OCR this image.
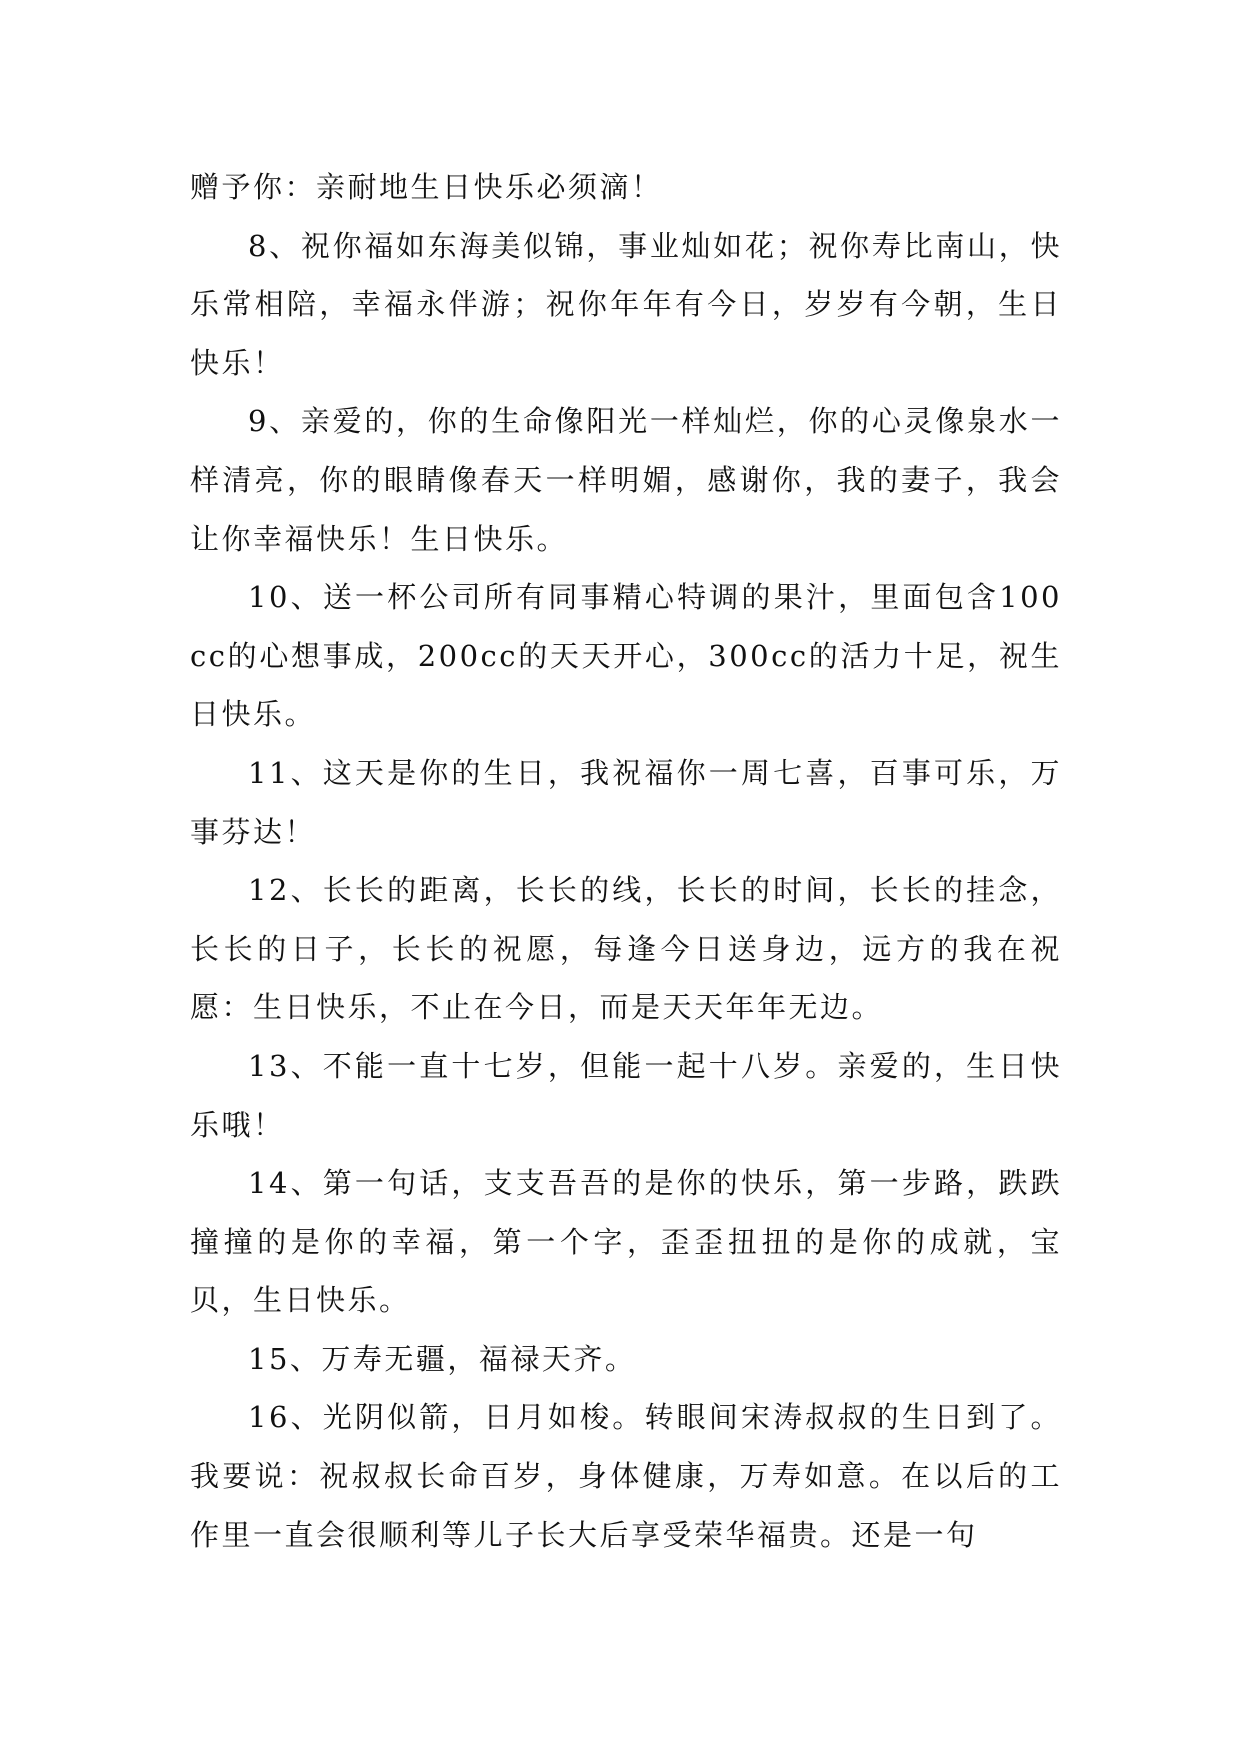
赠予你：亲耐地生日快乐必须滴！

8、祝你福如东海美似锦，事业灿如花；祝你寿比南山，快乐常相陪，幸福永伴游；祝你年年有今日，岁岁有今朝，生日快乐！

9、亲爱的，你的生命像阳光一样灿烂，你的心灵像泉水一样清亮，你的眼睛像春天一样明媚，感谢你，我的妻子，我会让你幸福快乐！生日快乐。

10、送一杯公司所有同事精心特调的果汁，里面包含100cc的心想事成，200cc的天天开心，300cc的活力十足，祝生日快乐。

11、这天是你的生日，我祝福你一周七喜，百事可乐，万事芬达！

12、长长的距离，长长的线，长长的时间，长长的挂念，长长的日子，长长的祝愿，每逢今日送身边，远方的我在祝愿：生日快乐，不止在今日，而是天天年年无边。

13、不能一直十七岁，但能一起十八岁。亲爱的，生日快乐哦！

14、第一句话，支支吾吾的是你的快乐，第一步路，跌跌撞撞的是你的幸福，第一个字，歪歪扭扭的是你的成就，宝贝，生日快乐。

15、万寿无疆，福禄天齐。

16、光阴似箭，日月如梭。转眼间宋涛叔叔的生日到了。我要说：祝叔叔长命百岁，身体健康，万寿如意。在以后的工作里一直会很顺利等儿子长大后享受荣华福贵。还是一句
